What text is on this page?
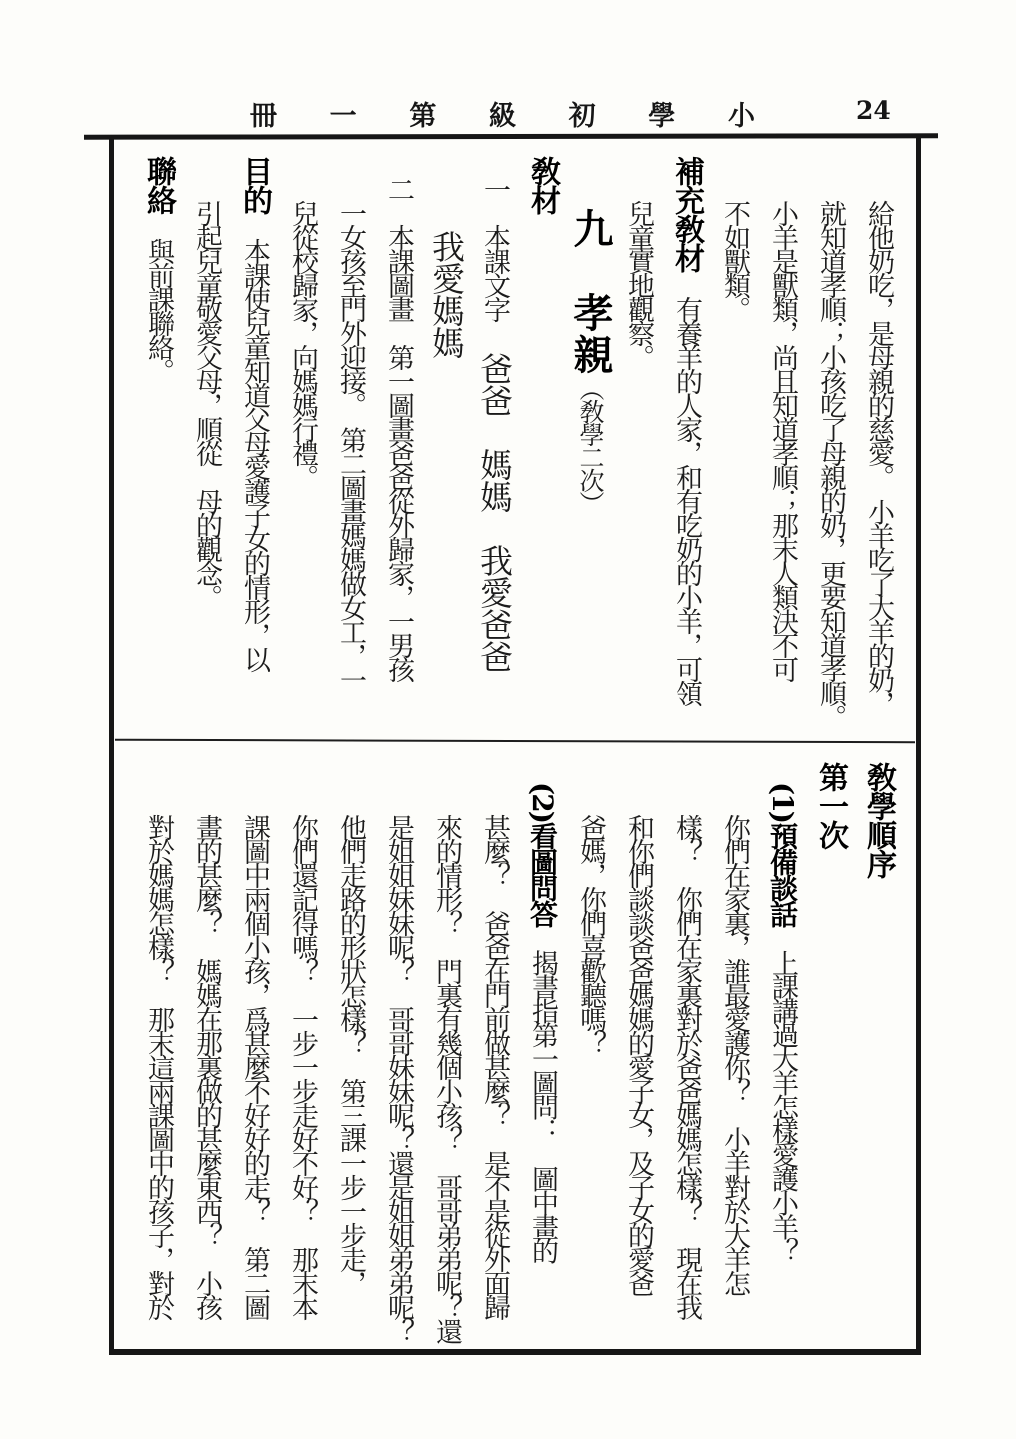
冊 一 第 級 初 學 小	24
給他奶吃，是母親的慈愛。　小羊吃了大羊的奶，
就知道孝順；小孩吃了母親的奶，更要知道孝順。
小羊是獸類，尚且知道孝順；那末人類決不可
不如獸類。
補充敎材　有養羊的人家，和有吃奶的小羊，可領
兒童實地觀察。
九　孝親（敎學二次）
敎材
一　本課文字　爸爸　媽媽　我愛爸爸
我愛媽媽
二　本課圖畫　第一圖畫爸爸從外歸家，一男孩
一女孩至門外迎接。　第二圖畫媽媽做女工，一
兒從校歸家，向媽媽行禮。
目的　本課使兒童知道父母愛護子女的情形，以
引起兒童敬愛父母，順從　母的觀念。
聯絡　與前課聯絡。
敎學順序
第一次
(1)預備談話　上課講過大羊怎樣愛護小羊？
你們在家裏，誰最愛護你？　小羊對於大羊怎
樣？　你們在家裏對於爸爸媽媽怎樣？　現在我
和你們談談爸爸媽媽的愛子女，及子女的愛爸
爸媽，你們喜歡聽嗎？
(2)看圖問答　揭書指第一圖問：　圖中畫的
甚麼？　爸爸在門前做甚麼？　是不是從外面歸
來的情形？　門裏有幾個小孩？　哥哥弟弟呢？還
是姐姐妹妹呢？　哥哥妹妹呢？還是姐姐弟弟呢？
他們走路的形狀怎樣？　第三課一步一步走，
你們還記得嗎？　一步一步走好不好？　那末本
課圖中兩個小孩，爲甚麼不好好的走？　第二圖
畫的甚麼？　媽媽在那裏做的甚麼東西？　小孩
對於媽媽怎樣？　那末這兩課圖中的孩子，對於
